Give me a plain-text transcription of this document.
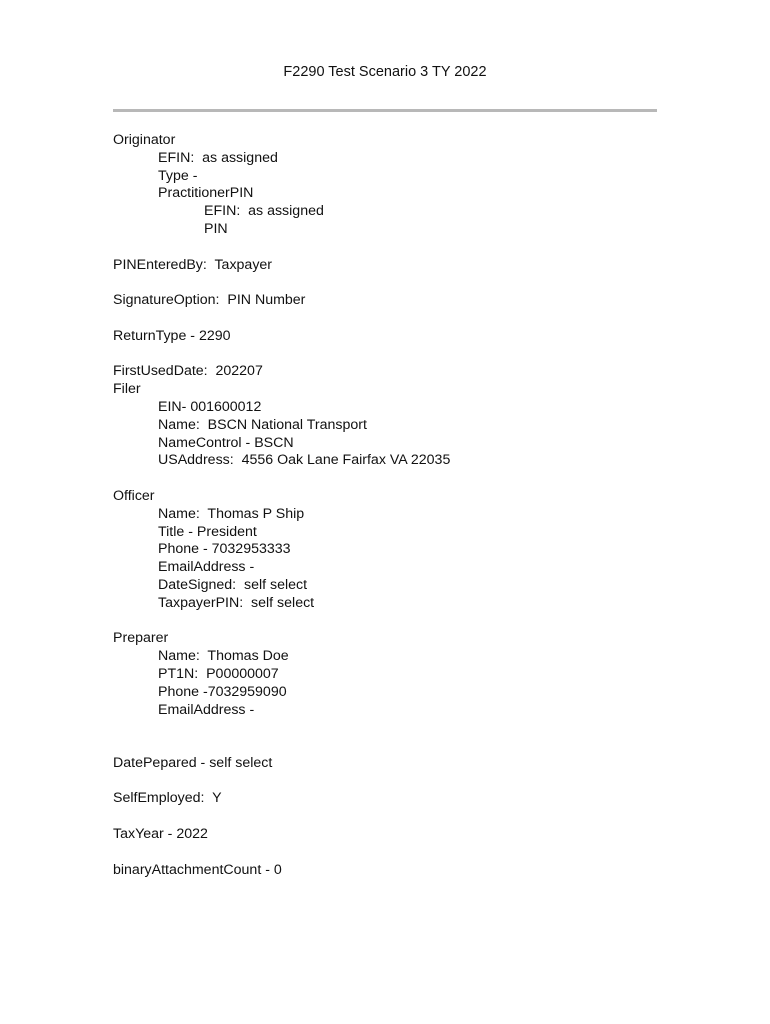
F2290 Test Scenario 3 TY 2022
Originator
EFIN:  as assigned
Type -
PractitionerPIN
EFIN:  as assigned
PIN
PINEnteredBy:  Taxpayer
SignatureOption:  PIN Number
ReturnType - 2290
FirstUsedDate:  202207
Filer
EIN- 001600012
Name:  BSCN National Transport
NameControl - BSCN
USAddress:  4556 Oak Lane Fairfax VA 22035
Officer
Name:  Thomas P Ship
Title - President
Phone - 7032953333
EmailAddress -
DateSigned:  self select
TaxpayerPIN:  self select
Preparer
Name:  Thomas Doe
PT1N:  P00000007
Phone -7032959090
EmailAddress -
DatePepared - self select
SelfEmployed:  Y
TaxYear - 2022
binaryAttachmentCount - 0
